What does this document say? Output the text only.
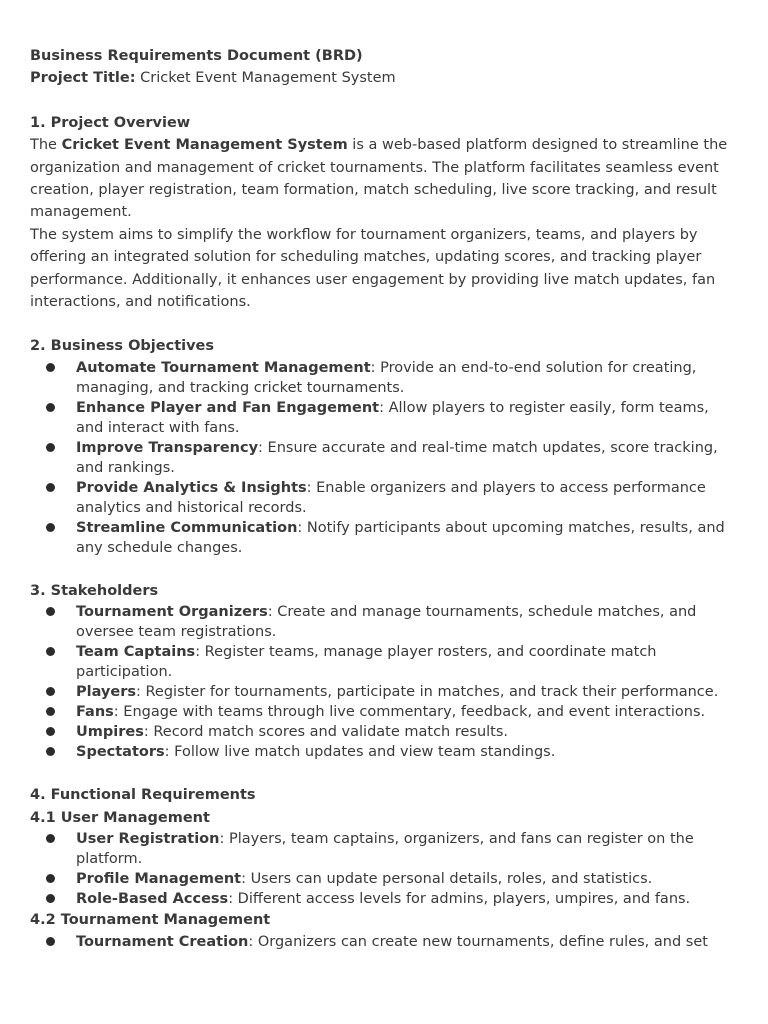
Business Requirements Document (BRD)

Project Title: Cricket Event Management System

1. Project Overview

The Cricket Event Management System is a web-based platform designed to streamline the organization and management of cricket tournaments. The platform facilitates seamless event creation, player registration, team formation, match scheduling, live score tracking, and result management.

The system aims to simplify the workflow for tournament organizers, teams, and players by offering an integrated solution for scheduling matches, updating scores, and tracking player performance. Additionally, it enhances user engagement by providing live match updates, fan interactions, and notifications.

2. Business Objectives

Automate Tournament Management: Provide an end-to-end solution for creating, managing, and tracking cricket tournaments.
Enhance Player and Fan Engagement: Allow players to register easily, form teams, and interact with fans.
Improve Transparency: Ensure accurate and real-time match updates, score tracking, and rankings.
Provide Analytics & Insights: Enable organizers and players to access performance analytics and historical records.
Streamline Communication: Notify participants about upcoming matches, results, and any schedule changes.

3. Stakeholders

Tournament Organizers: Create and manage tournaments, schedule matches, and oversee team registrations.
Team Captains: Register teams, manage player rosters, and coordinate match participation.
Players: Register for tournaments, participate in matches, and track their performance.
Fans: Engage with teams through live commentary, feedback, and event interactions.
Umpires: Record match scores and validate match results.
Spectators: Follow live match updates and view team standings.

4. Functional Requirements

4.1 User Management

User Registration: Players, team captains, organizers, and fans can register on the platform.
Profile Management: Users can update personal details, roles, and statistics.
Role-Based Access: Different access levels for admins, players, umpires, and fans.

4.2 Tournament Management

Tournament Creation: Organizers can create new tournaments, define rules, and set
